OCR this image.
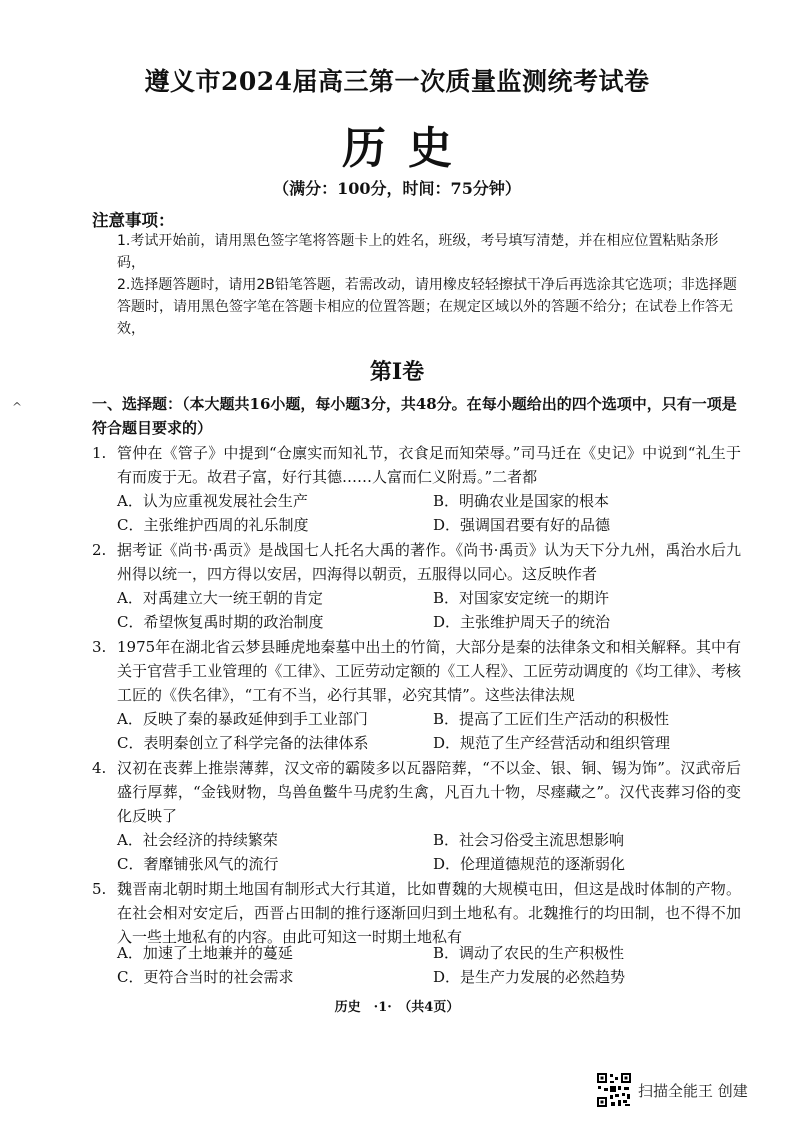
^
遵义市2024届高三第一次质量监测统考试卷
历史
（满分：100分，时间：75分钟）
注意事项：
1.考试开始前，请用黑色签字笔将答题卡上的姓名，班级，考号填写清楚，并在相应位置粘贴条形码，
2.选择题答题时，请用2B铅笔答题，若需改动，请用橡皮轻轻擦拭干净后再选涂其它选项；非选择题答题时，请用黑色签字笔在答题卡相应的位置答题；在规定区域以外的答题不给分；在试卷上作答无效，
第Ⅰ卷
一、选择题：（本大题共16小题，每小题3分，共48分。在每小题给出的四个选项中，只有一项是符合题目要求的）
1. 管仲在《管子》中提到“仓廪实而知礼节，衣食足而知荣辱。”司马迁在《史记》中说到“礼生于有而废于无。故君子富，好行其德……人富而仁义附焉。”二者都
A．认为应重视发展社会生产	B．明确农业是国家的根本
C．主张维护西周的礼乐制度	D．强调国君要有好的品德
2. 据考证《尚书·禹贡》是战国七人托名大禹的著作。《尚书·禹贡》认为天下分九州，禹治水后九州得以统一，四方得以安居，四海得以朝贡，五服得以同心。这反映作者
A．对禹建立大一统王朝的肯定	B．对国家安定统一的期许
C．希望恢复禹时期的政治制度	D．主张维护周天子的统治
3. 1975年在湖北省云梦县睡虎地秦墓中出土的竹简，大部分是秦的法律条文和相关解释。其中有关于官营手工业管理的《工律》、工匠劳动定额的《工人程》、工匠劳动调度的《均工律》、考核工匠的《佚名律》，“工有不当，必行其罪，必究其情”。这些法律法规
A．反映了秦的暴政延伸到手工业部门	B．提高了工匠们生产活动的积极性
C．表明秦创立了科学完备的法律体系	D．规范了生产经营活动和组织管理
4. 汉初在丧葬上推崇薄葬，汉文帝的霸陵多以瓦器陪葬，“不以金、银、铜、锡为饰”。汉武帝后盛行厚葬，“金钱财物，鸟兽鱼鳖牛马虎豹生禽，凡百九十物，尽瘗藏之”。汉代丧葬习俗的变化反映了
A．社会经济的持续繁荣	B．社会习俗受主流思想影响
C．奢靡铺张风气的流行	D．伦理道德规范的逐渐弱化
5. 魏晋南北朝时期土地国有制形式大行其道，比如曹魏的大规模屯田，但这是战时体制的产物。在社会相对安定后，西晋占田制的推行逐渐回归到土地私有。北魏推行的均田制，也不得不加入一些土地私有的内容。由此可知这一时期土地私有
A．加速了土地兼并的蔓延	B．调动了农民的生产积极性
C．更符合当时的社会需求	D．是生产力发展的必然趋势
历史　·1·　（共4页）
扫描全能王 创建
